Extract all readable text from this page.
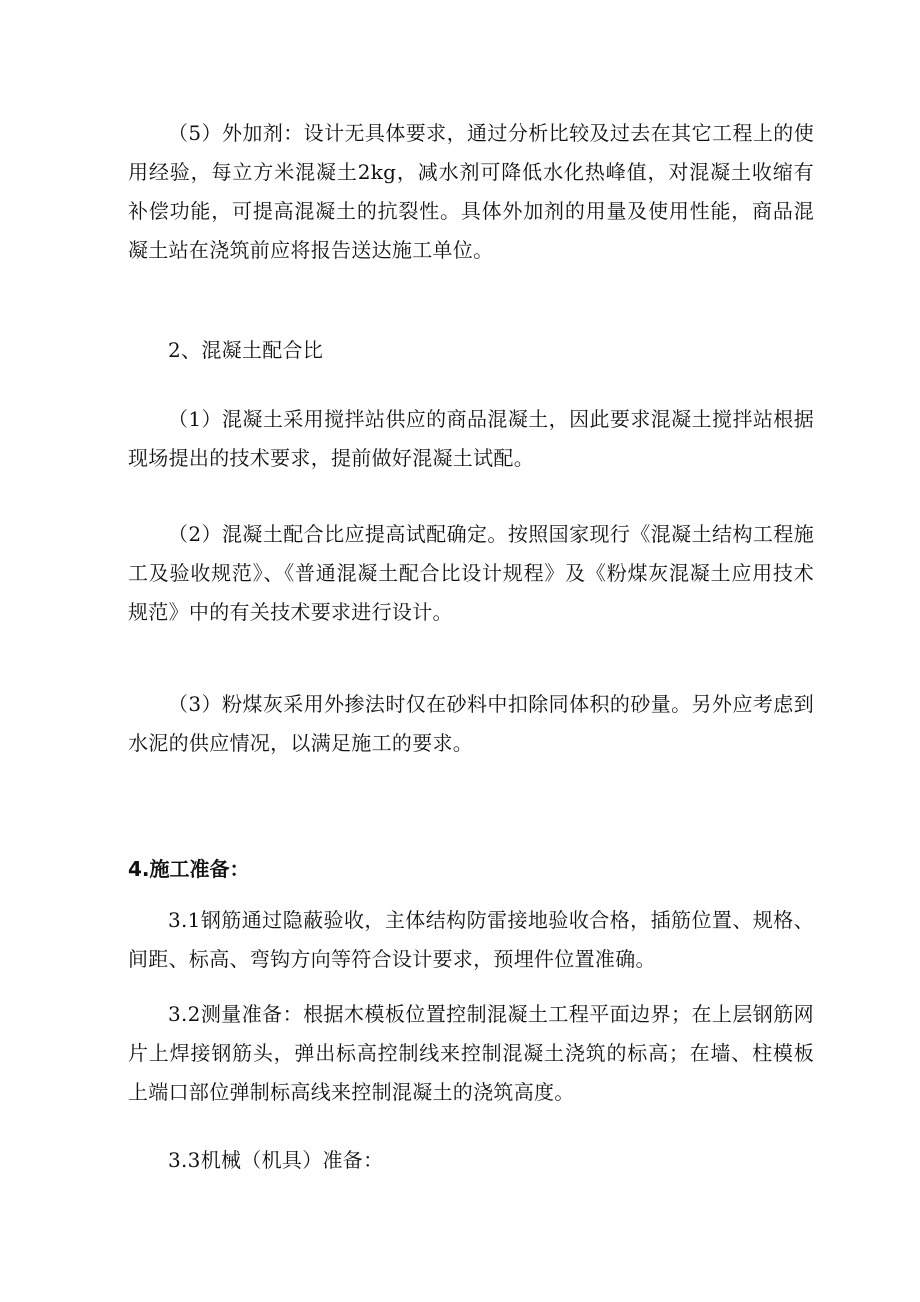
（5）外加剂：设计无具体要求，通过分析比较及过去在其它工程上的使用经验，每立方米混凝土2kg，减水剂可降低水化热峰值，对混凝土收缩有补偿功能，可提高混凝土的抗裂性。具体外加剂的用量及使用性能，商品混凝土站在浇筑前应将报告送达施工单位。

2、混凝土配合比

（1）混凝土采用搅拌站供应的商品混凝土，因此要求混凝土搅拌站根据现场提出的技术要求，提前做好混凝土试配。

（2）混凝土配合比应提高试配确定。按照国家现行《混凝土结构工程施工及验收规范》、《普通混凝土配合比设计规程》及《粉煤灰混凝土应用技术规范》中的有关技术要求进行设计。

（3）粉煤灰采用外掺法时仅在砂料中扣除同体积的砂量。另外应考虑到水泥的供应情况，以满足施工的要求。

4.施工准备：

3.1钢筋通过隐蔽验收，主体结构防雷接地验收合格，插筋位置、规格、间距、标高、弯钩方向等符合设计要求，预埋件位置准确。

3.2测量准备：根据木模板位置控制混凝土工程平面边界；在上层钢筋网片上焊接钢筋头，弹出标高控制线来控制混凝土浇筑的标高；在墙、柱模板上端口部位弹制标高线来控制混凝土的浇筑高度。

3.3机械（机具）准备：
